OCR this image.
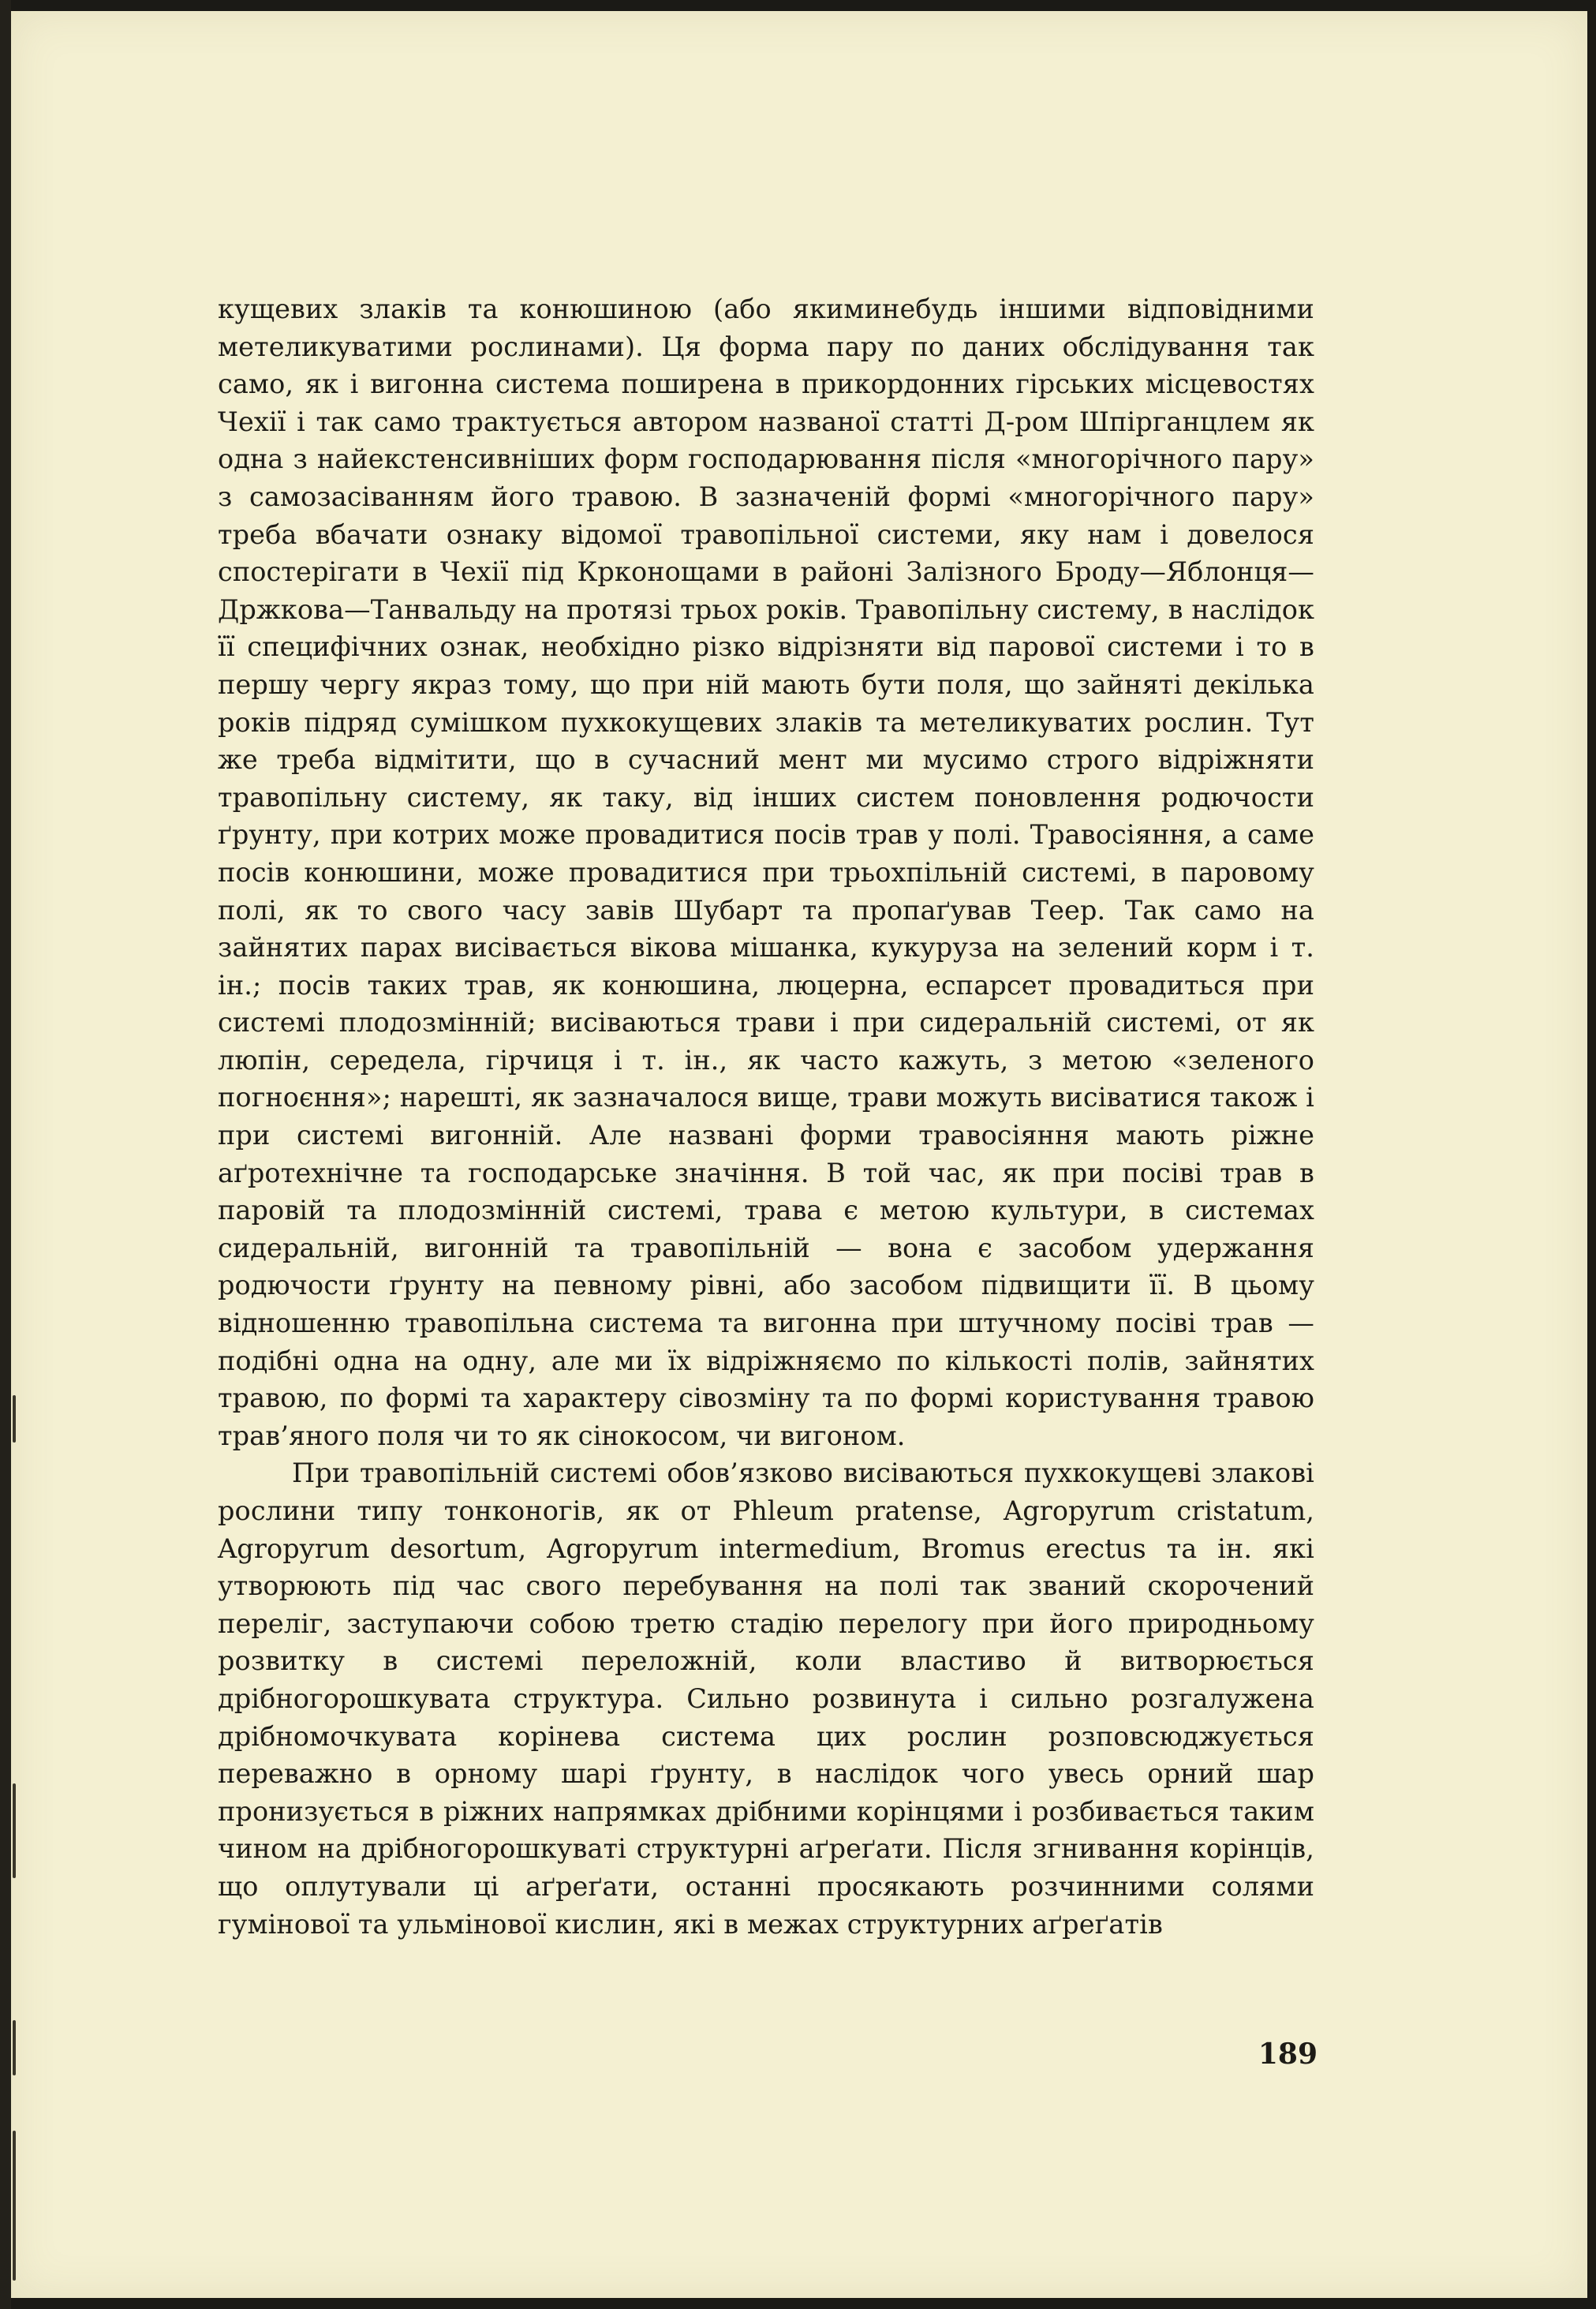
кущевих злаків та конюшиною (або якиминебудь іншими відповідними метеликуватими рослинами). Ця форма пару по даних обслідування так само, як і вигонна система поширена в прикордонних гірських місцевостях Чехії і так само трактується автором названої статті Д-ром Шпірганцлем як одна з найекстенсивніших форм господарювання після «многорічного пару» з самозасіванням його травою. В зазначеній формі «многорічного пару» треба вбачати ознаку відомої травопільної системи, яку нам і довелося спостерігати в Чехії під Крконощами в районі Залізного Броду—Яблонця—Држкова—Танвальду на протязі трьох років. Травопільну систему, в наслідок її специфічних ознак, необхідно різко відрізняти від парової системи і то в першу чергу якраз тому, що при ній мають бути поля, що зайняті декілька років підряд сумішком пухкокущевих злаків та метеликуватих рослин. Тут же треба відмітити, що в сучасний мент ми мусимо строго відріжняти травопільну систему, як таку, від інших систем поновлення родючости ґрунту, при котрих може провадитися посів трав у полі. Травосіяння, а саме посів конюшини, може провадитися при трьохпільній системі, в паровому полі, як то свого часу завів Шубарт та пропаґував Теер. Так само на зайнятих парах висівається вікова мішанка, кукуруза на зелений корм і т. ін.; посів таких трав, як конюшина, люцерна, еспарсет провадиться при системі плодозмінній; висіваються трави і при сидеральній системі, от як люпін, середела, гірчиця і т. ін., як часто кажуть, з метою «зеленого погноєння»; нарешті, як зазначалося вище, трави можуть висіватися також і при системі вигонній. Але названі форми травосіяння мають ріжне аґротехнічне та господарське значіння. В той час, як при посіві трав в паровій та плодозмінній системі, трава є метою культури, в системах сидеральній, вигонній та травопільній — вона є засобом удержання родючости ґрунту на певному рівні, або засобом підвищити її. В цьому відношенню травопільна система та вигонна при штучному посіві трав — подібні одна на одну, але ми їх відріжняємо по кількості полів, зайнятих травою, по формі та характеру сівозміну та по формі користування травою трав’яного поля чи то як сінокосом, чи вигоном.

При травопільній системі обов’язково висіваються пухкокущеві злакові рослини типу тонконогів, як от Phleum pratense, Agropyrum cristatum, Agropyrum desortum, Agropyrum intermedium, Bromus erectus та ін. які утворюють під час свого перебування на полі так званий скорочений переліг, заступаючи собою третю стадію перелогу при його природньому розвитку в системі переложній, коли властиво й витворюється дрібногорошкувата структура. Сильно розвинута і сильно розгалужена дрібномочкувата корінева система цих рослин розповсюджується переважно в орному шарі ґрунту, в наслідок чого увесь орний шар пронизується в ріжних напрямках дрібними корінцями і розбивається таким чином на дрібногорошкуваті структурні аґреґати. Після згнивання корінців, що оплутували ці аґреґати, останні просякають розчинними солями гумінової та ульмінової кислин, які в межах структурних аґреґатів

189
